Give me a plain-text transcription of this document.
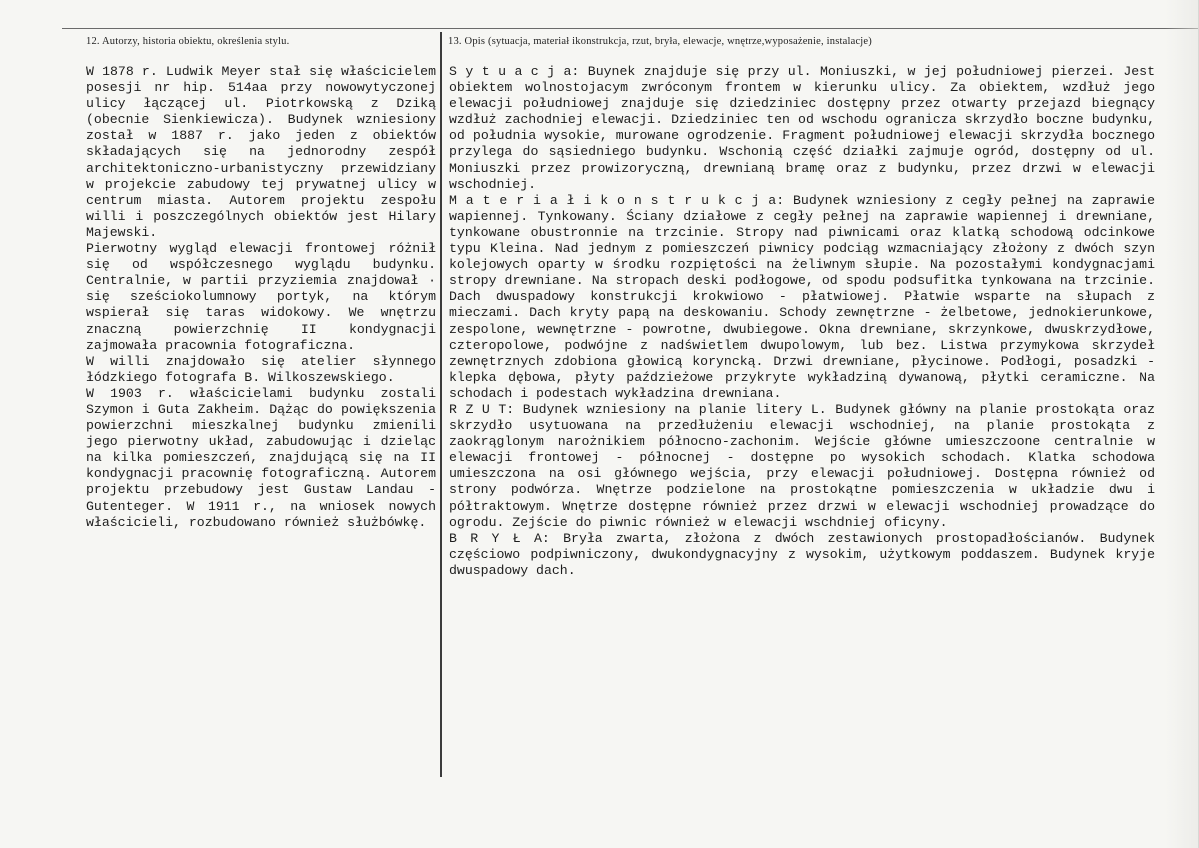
12. Autorzy, historia obiektu, określenia stylu.	13. Opis (sytuacja, materiał ikonstrukcja, rzut, bryła, elewacje, wnętrze,wyposażenie, instalacje)

W 1878 r. Ludwik Meyer stał się właścicielem posesji nr hip. 514aa przy nowowytyczonej ulicy łączącej ul. Piotrkowską z Dziką (obecnie Sienkiewicza). Budynek wzniesiony został w 1887 r. jako jeden z obiektów składających się na jednorodny zespół architektoniczno-urbanistyczny przewidziany w projekcie zabudowy tej prywatnej ulicy w centrum miasta. Autorem projektu zespołu willi i poszczególnych obiektów jest Hilary Majewski.

Pierwotny wygląd elewacji frontowej różnił się od współczesnego wyglądu budynku. Centralnie, w partii przyziemia znajdował · się sześciokolumnowy portyk, na którym wspierał się taras widokowy. We wnętrzu znaczną powierzchnię II kondygnacji zajmowała pracownia fotograficzna.

W willi znajdowało się atelier słynnego łódzkiego fotografa B. Wilkoszewskiego.

W 1903 r. właścicielami budynku zostali Szymon i Guta Zakheim. Dążąc do powiększenia powierzchni mieszkalnej budynku zmienili jego pierwotny układ, zabudowując i dzieląc na kilka pomieszczeń, znajdującą się na II kondygnacji pracownię fotograficzną. Autorem projektu przebudowy jest Gustaw Landau - Gutenteger. W 1911 r., na wniosek nowych właścicieli, rozbudowano również służbówkę.

S y t u a c j a: Buynek znajduje się przy ul. Moniuszki, w jej południowej pierzei. Jest obiektem wolnostojacym zwróconym frontem w kierunku ulicy. Za obiektem, wzdłuż jego elewacji południowej znajduje się dziedziniec dostępny przez otwarty przejazd biegnący wzdłuż zachodniej elewacji. Dziedziniec ten od wschodu ogranicza skrzydło boczne budynku, od południa wysokie, murowane ogrodzenie. Fragment południowej elewacji skrzydła bocznego przylega do sąsiedniego budynku. Wschonią część działki zajmuje ogród, dostępny od ul. Moniuszki przez prowizoryczną, drewnianą bramę oraz z budynku, przez drzwi w elewacji wschodniej.

M a t e r i a ł i k o n s t r u k c j a: Budynek wzniesiony z cegły pełnej na zaprawie wapiennej. Tynkowany. Ściany działowe z cegły pełnej na zaprawie wapiennej i drewniane, tynkowane obustronnie na trzcinie. Stropy nad piwnicami oraz klatką schodową odcinkowe typu Kleina. Nad jednym z pomieszczeń piwnicy podciąg wzmacniający złożony z dwóch szyn kolejowych oparty w środku rozpiętości na żeliwnym słupie. Na pozostałymi kondygnacjami stropy drewniane. Na stropach deski podłogowe, od spodu podsufitka tynkowana na trzcinie. Dach dwuspadowy konstrukcji krokwiowo - płatwiowej. Płatwie wsparte na słupach z mieczami. Dach kryty papą na deskowaniu. Schody zewnętrzne - żelbetowe, jednokierunkowe, zespolone, wewnętrzne - powrotne, dwubiegowe. Okna drewniane, skrzynkowe, dwuskrzydłowe, czteropolowe, podwójne z nadświetlem dwupolowym, lub bez. Listwa przymykowa skrzydeł zewnętrznych zdobiona głowicą koryncką. Drzwi drewniane, płycinowe. Podłogi, posadzki - klepka dębowa, płyty paździeżowe przykryte wykładziną dywanową, płytki ceramiczne. Na schodach i podestach wykładzina drewniana.

R Z U T: Budynek wzniesiony na planie litery L. Budynek główny na planie prostokąta oraz skrzydło usytuowana na przedłużeniu elewacji wschodniej, na planie prostokąta z zaokrąglonym narożnikiem północno-zachonim. Wejście główne umieszczoone centralnie w elewacji frontowej - północnej - dostępne po wysokich schodach. Klatka schodowa umieszczona na osi głównego wejścia, przy elewacji południowej. Dostępna również od strony podwórza. Wnętrze podzielone na prostokątne pomieszczenia w układzie dwu i półtraktowym. Wnętrze dostępne również przez drzwi w elewacji wschodniej prowadzące do ogrodu. Zejście do piwnic również w elewacji wschdniej oficyny.

B R Y Ł A: Bryła zwarta, złożona z dwóch zestawionych prostopadłościanów. Budynek częściowo podpiwniczony, dwukondygnacyjny z wysokim, użytkowym poddaszem. Budynek kryje dwuspadowy dach.
